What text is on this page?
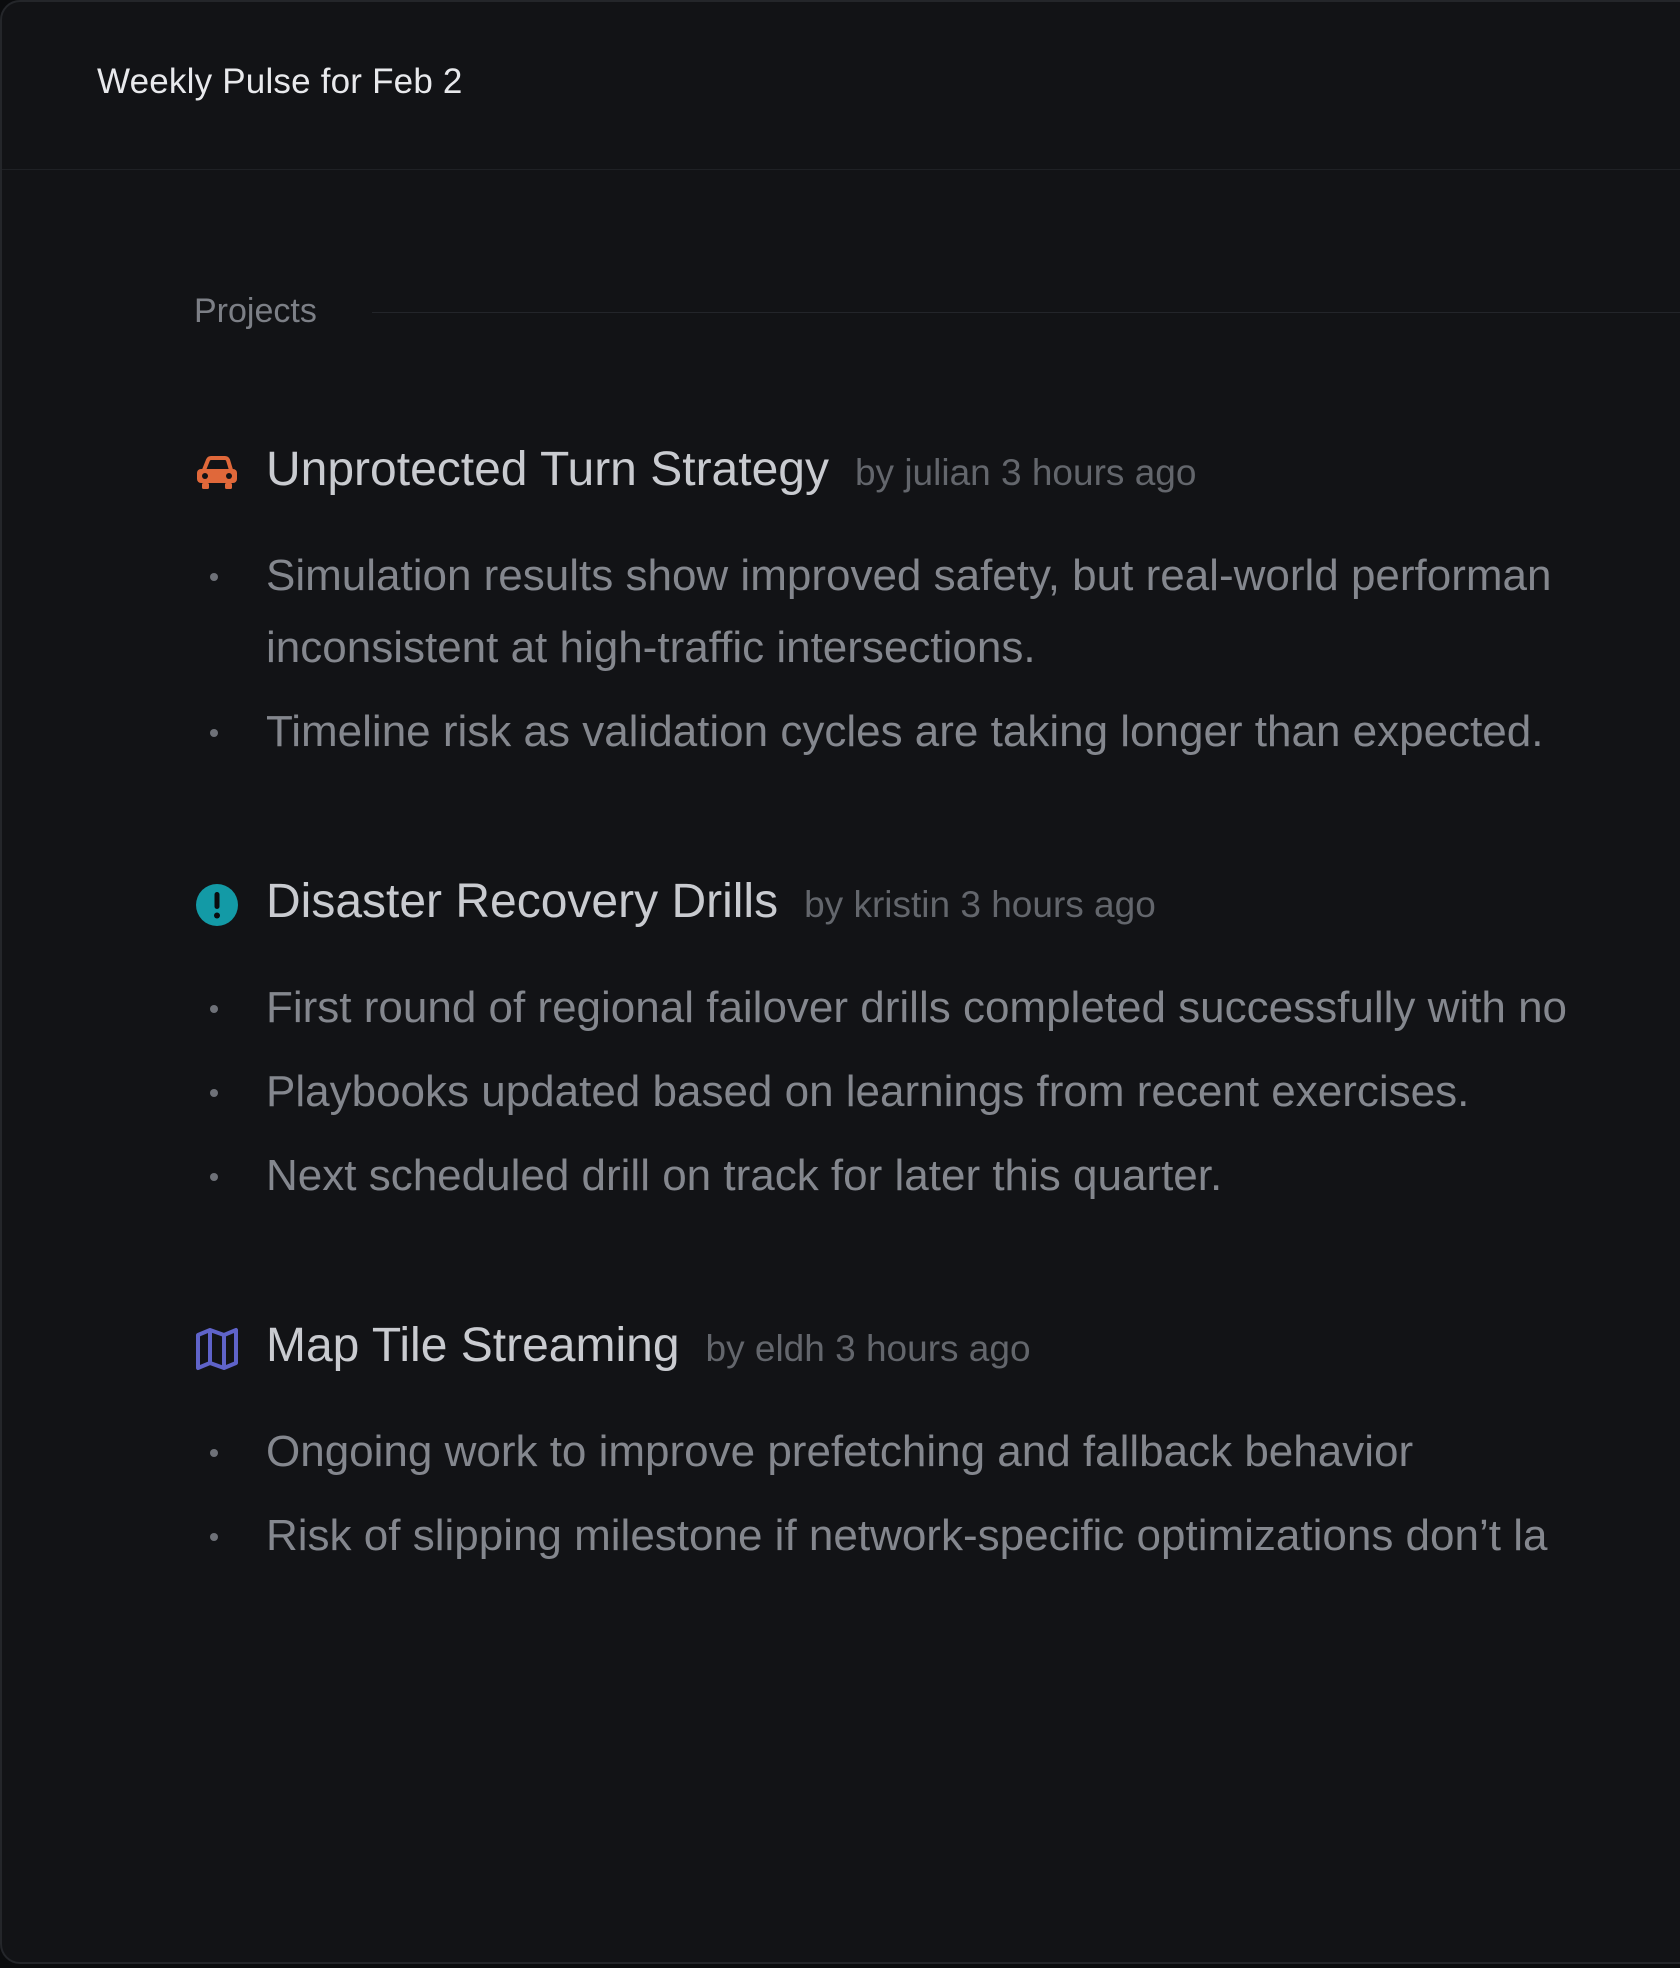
Weekly Pulse for Feb 2
Projects
Unprotected Turn Strategy by julian 3 hours ago
Simulation results show improved safety, but real-world performan
inconsistent at high-traffic intersections.
Timeline risk as validation cycles are taking longer than expected.
Disaster Recovery Drills by kristin 3 hours ago
First round of regional failover drills completed successfully with no
Playbooks updated based on learnings from recent exercises.
Next scheduled drill on track for later this quarter.
Map Tile Streaming by eldh 3 hours ago
Ongoing work to improve prefetching and fallback behavior
Risk of slipping milestone if network-specific optimizations don’t la
